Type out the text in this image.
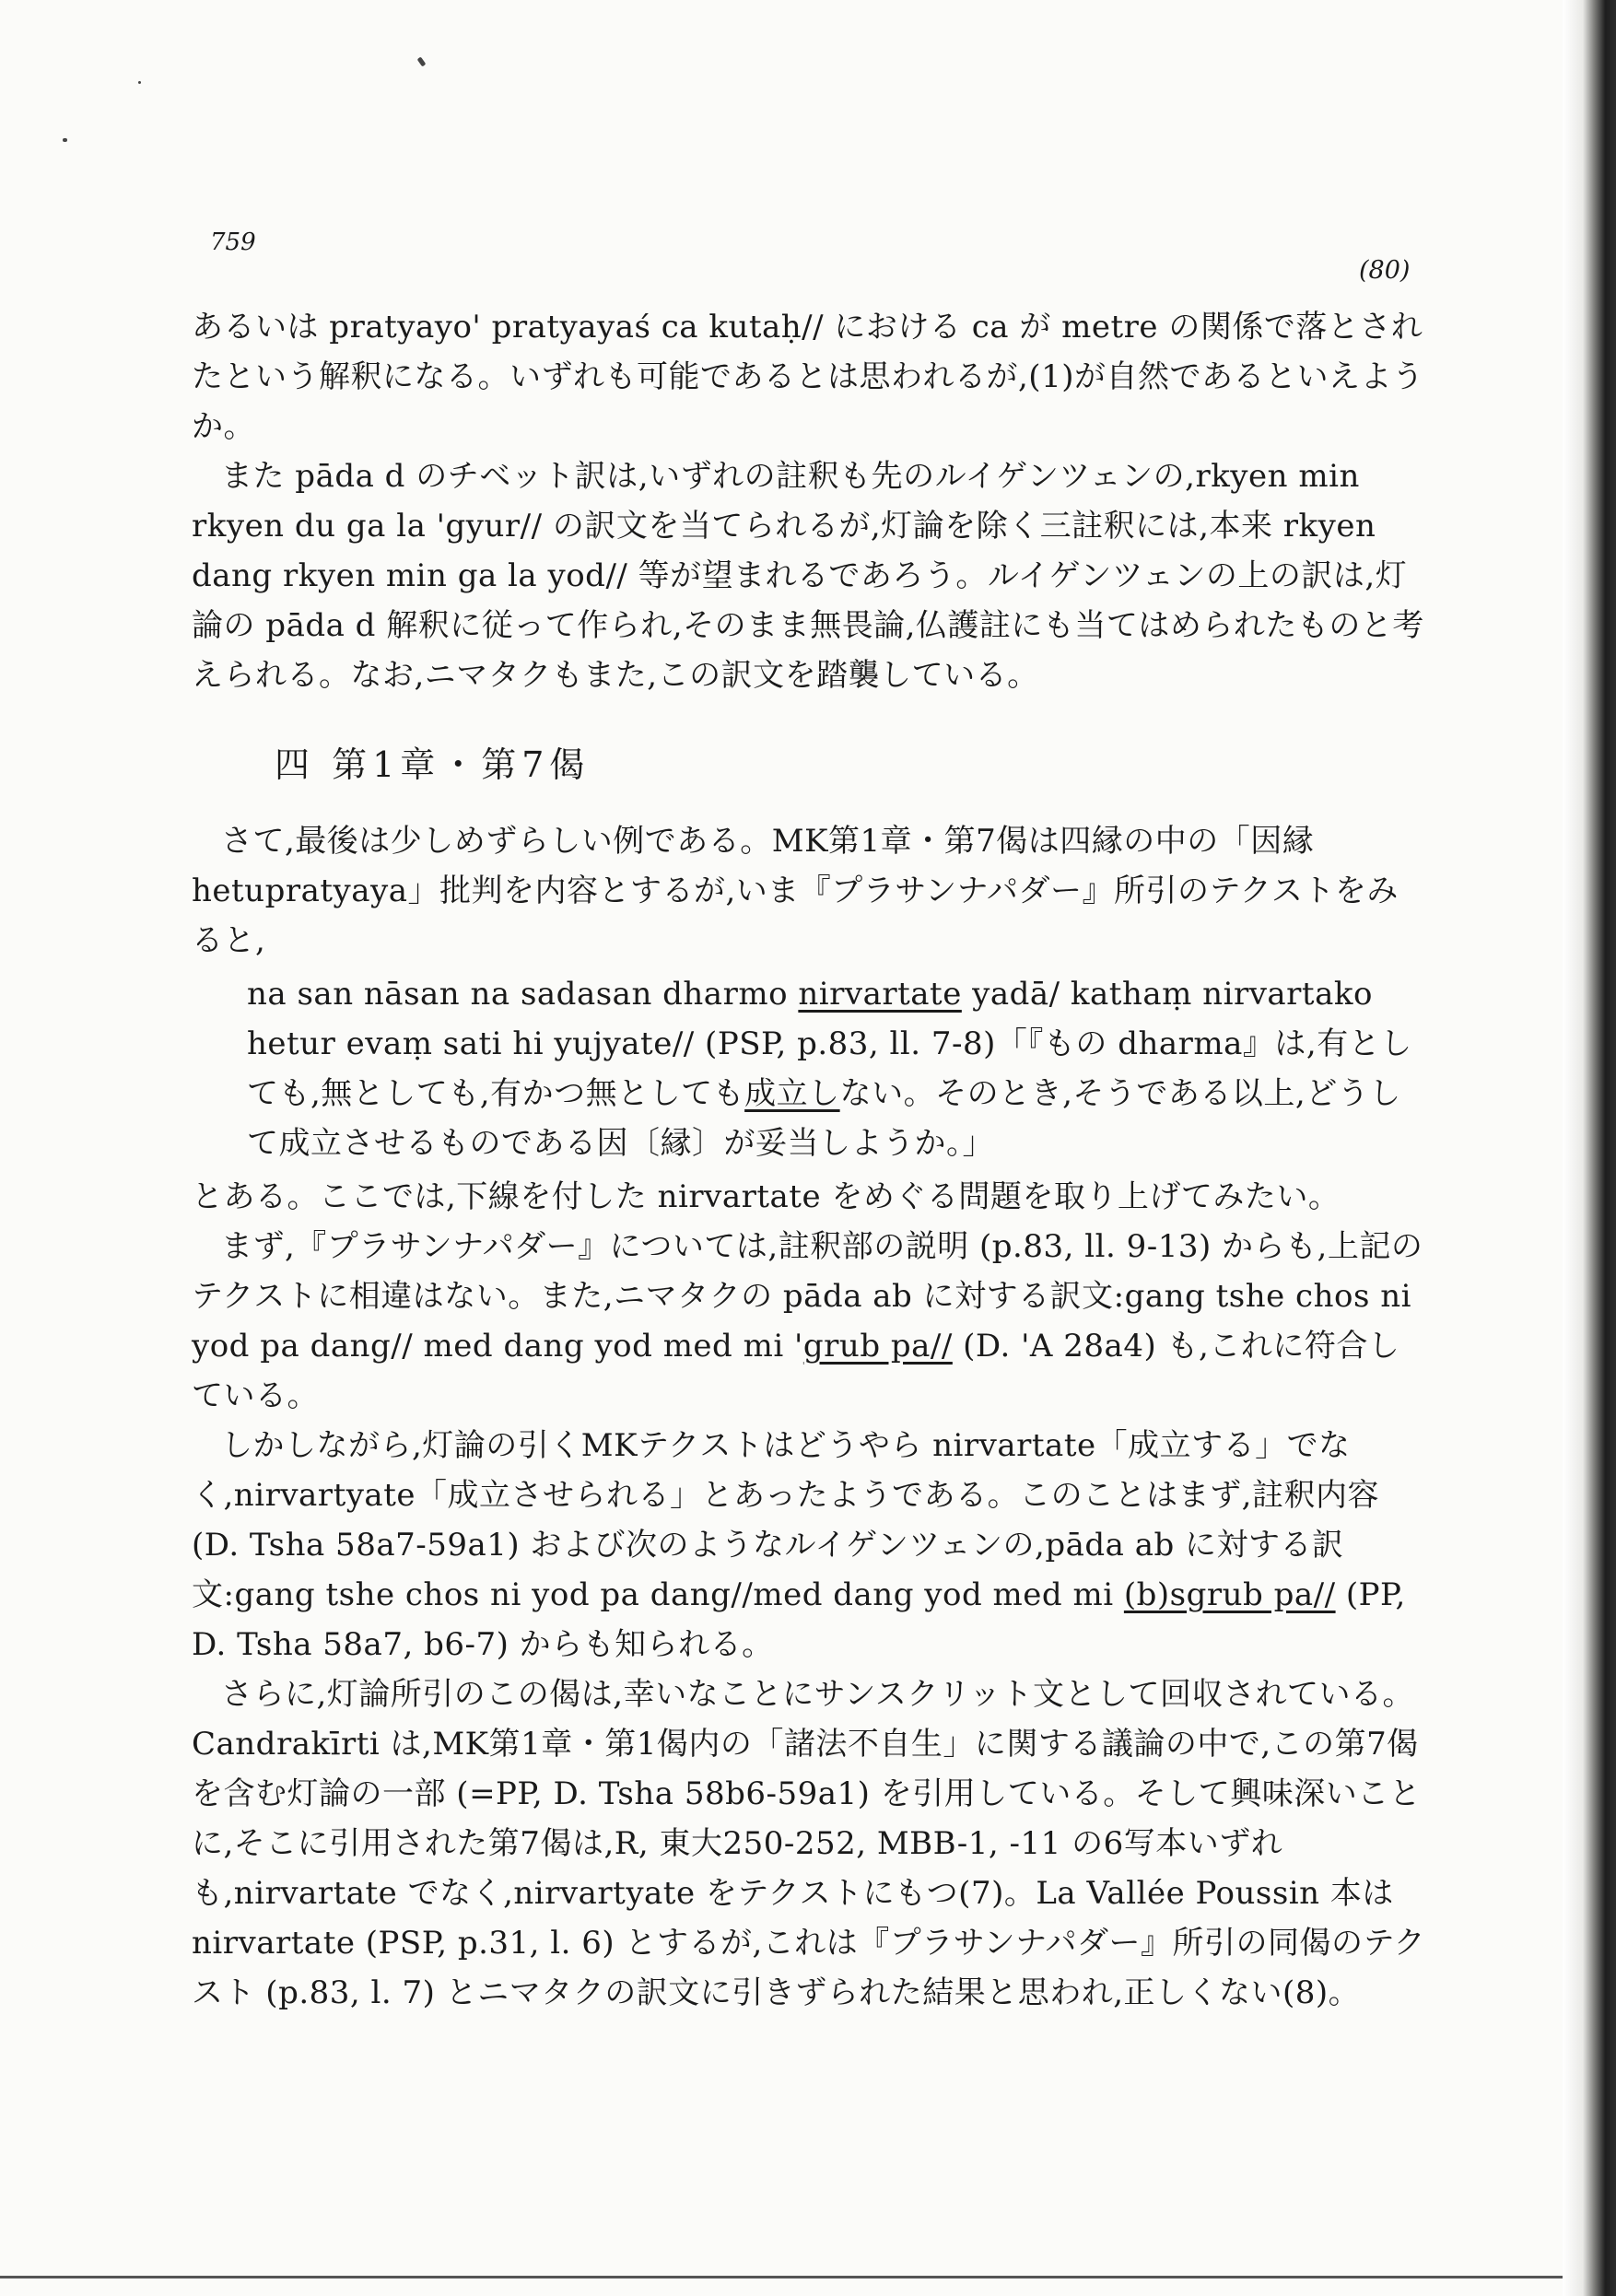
759
(80)

あるいは pratyayo' pratyayaś ca kutaḥ// における ca が metre の関係で落とされたという解釈になる。いずれも可能であるとは思われるが,(1)が自然であるといえようか。

また pāda d のチベット訳は,いずれの註釈も先のルイゲンツェンの,rkyen min rkyen du ga la 'gyur// の訳文を当てられるが,灯論を除く三註釈には,本来 rkyen dang rkyen min ga la yod// 等が望まれるであろう。ルイゲンツェンの上の訳は,灯論の pāda d 解釈に従って作られ,そのまま無畏論,仏護註にも当てはめられたものと考えられる。なお,ニマタクもまた,この訳文を踏襲している。

四 第1章・第7偈

さて,最後は少しめずらしい例である。MK第1章・第7偈は四縁の中の「因縁 hetupratyaya」批判を内容とするが,いま『プラサンナパダー』所引のテクストをみると,

na san nāsan na sadasan dharmo nirvartate yadā/ kathaṃ nirvartako hetur evaṃ sati hi yujyate// (PSP, p.83, ll. 7-8)「『もの dharma』は,有としても,無としても,有かつ無としても成立しない。そのとき,そうである以上,どうして成立させるものである因〔縁〕が妥当しようか。」

とある。ここでは,下線を付した nirvartate をめぐる問題を取り上げてみたい。

まず,『プラサンナパダー』については,註釈部の説明 (p.83, ll. 9-13) からも,上記のテクストに相違はない。また,ニマタクの pāda ab に対する訳文:gang tshe chos ni yod pa dang// med dang yod med mi 'grub pa// (D. 'A 28a4) も,これに符合している。

しかしながら,灯論の引くMKテクストはどうやら nirvartate「成立する」でなく,nirvartyate「成立させられる」とあったようである。このことはまず,註釈内容 (D. Tsha 58a7-59a1) および次のようなルイゲンツェンの,pāda ab に対する訳文:gang tshe chos ni yod pa dang//med dang yod med mi (b)sgrub pa// (PP, D. Tsha 58a7, b6-7) からも知られる。

さらに,灯論所引のこの偈は,幸いなことにサンスクリット文として回収されている。Candrakīrti は,MK第1章・第1偈内の「諸法不自生」に関する議論の中で,この第7偈を含む灯論の一部 (=PP, D. Tsha 58b6-59a1) を引用している。そして興味深いことに,そこに引用された第7偈は,R, 東大250-252, MBB-1, -11 の6写本いずれも,nirvartate でなく,nirvartyate をテクストにもつ(7)。La Vallée Poussin 本は nirvartate (PSP, p.31, l. 6) とするが,これは『プラサンナパダー』所引の同偈のテクスト (p.83, l. 7) とニマタクの訳文に引きずられた結果と思われ,正しくない(8)。
